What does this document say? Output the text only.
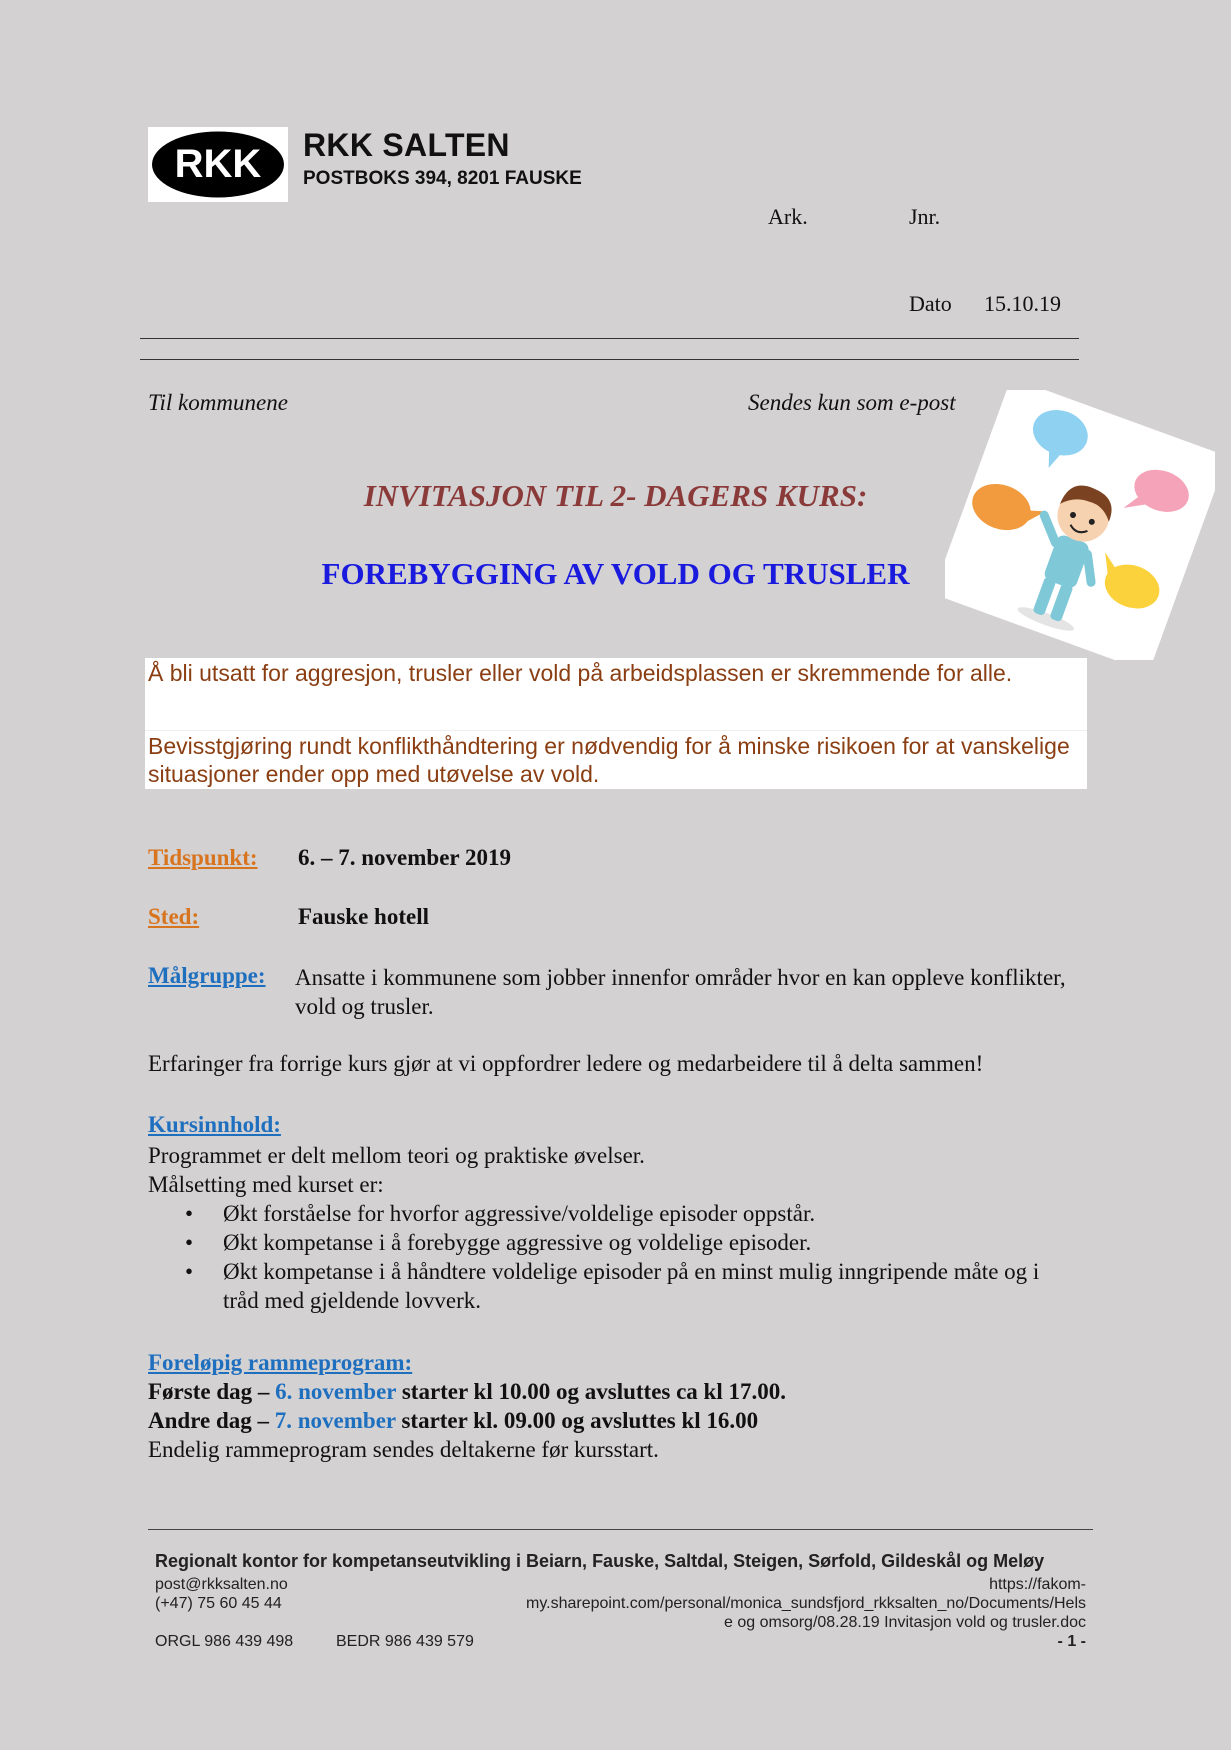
RKK RKK SALTEN
POSTBOKS 394, 8201 FAUSKE
Ark.	Jnr.
Dato 15.10.19
Til kommunene	Sendes kun som e-post
INVITASJON TIL 2- DAGERS KURS:
FOREBYGGING AV VOLD OG TRUSLER

Å bli utsatt for aggresjon, trusler eller vold på arbeidsplassen er skremmende for alle.

Bevisstgjøring rundt konflikthåndtering er nødvendig for å minske risikoen for at vanskelige situasjoner ender opp med utøvelse av vold.

Tidspunkt: 6. – 7. november 2019
Sted:	Fauske hotell
Målgruppe: Ansatte i kommunene som jobber innenfor områder hvor en kan oppleve konflikter, vold og trusler.
Erfaringer fra forrige kurs gjør at vi oppfordrer ledere og medarbeidere til å delta sammen!
Kursinnhold:
Programmet er delt mellom teori og praktiske øvelser.
Målsetting med kurset er:
• Økt forståelse for hvorfor aggressive/voldelige episoder oppstår.
• Økt kompetanse i å forebygge aggressive og voldelige episoder.
• Økt kompetanse i å håndtere voldelige episoder på en minst mulig inngripende måte og i tråd med gjeldende lovverk.
Foreløpig rammeprogram:
Første dag – 6. november starter kl 10.00 og avsluttes ca kl 17.00.
Andre dag – 7. november starter kl. 09.00 og avsluttes kl 16.00
Endelig rammeprogram sendes deltakerne før kursstart.
Regionalt kontor for kompetanseutvikling i Beiarn, Fauske, Saltdal, Steigen, Sørfold, Gildeskål og Meløy
post@rkksalten.no
(+47) 75 60 45 44
ORGL 986 439 498	BEDR 986 439 579
https://fakom-
my.sharepoint.com/personal/monica_sundsfjord_rkksalten_no/Documents/Hels
e og omsorg/08.28.19 Invitasjon vold og trusler.doc
- 1 -
